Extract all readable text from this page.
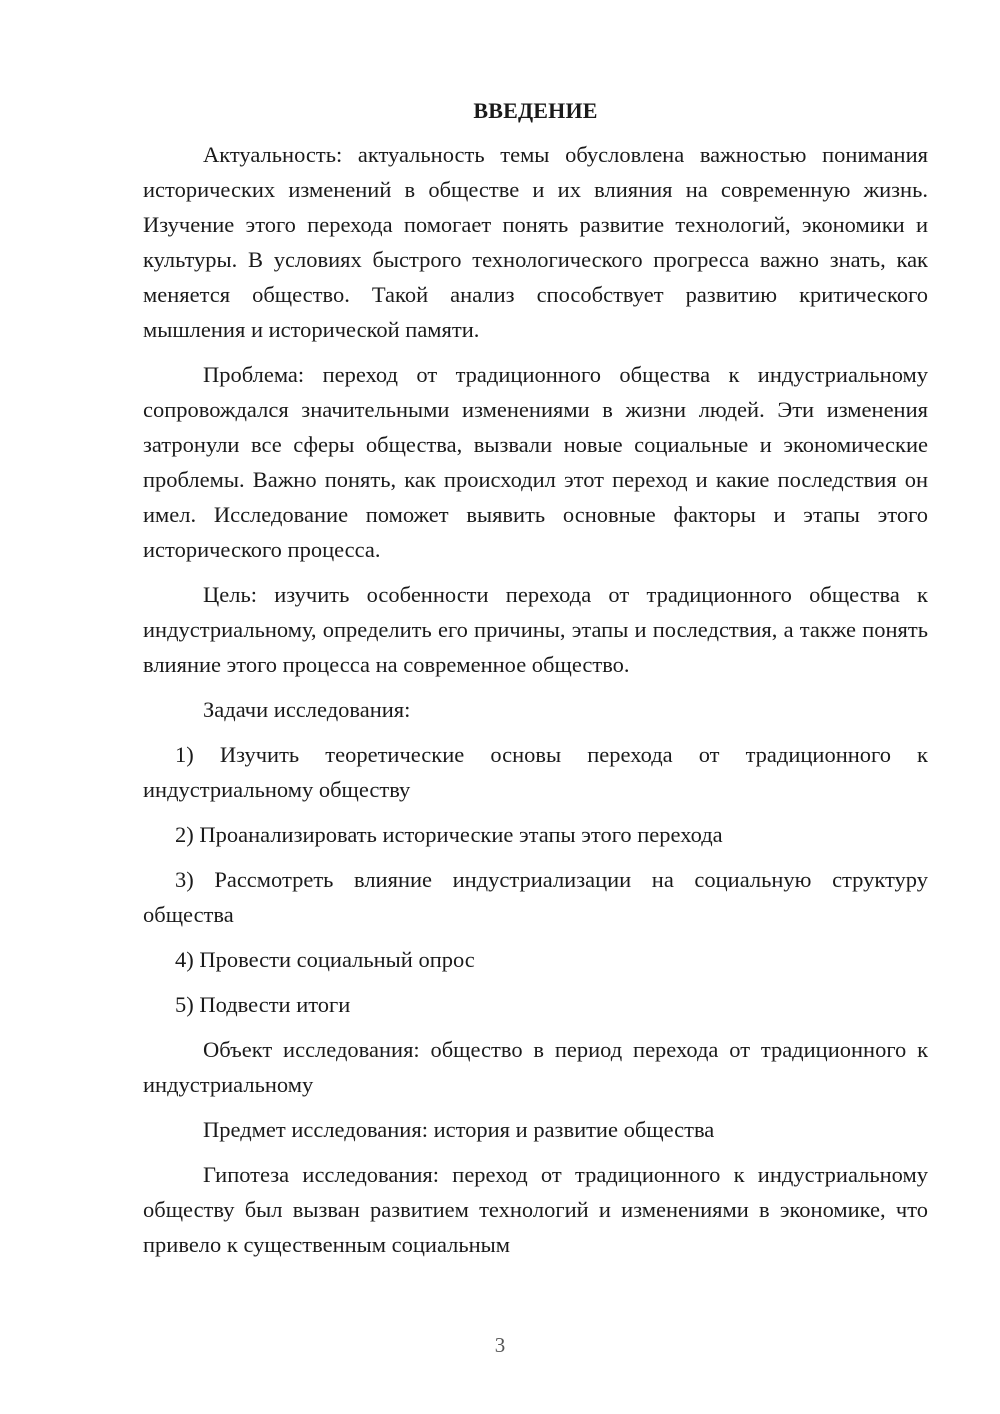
ВВЕДЕНИЕ

Актуальность: актуальность темы обусловлена важностью понимания исторических изменений в обществе и их влияния на современную жизнь. Изучение этого перехода помогает понять развитие технологий, экономики и культуры. В условиях быстрого технологического прогресса важно знать, как меняется общество. Такой анализ способствует развитию критического мышления и исторической памяти.

Проблема: переход от традиционного общества к индустриальному сопровождался значительными изменениями в жизни людей. Эти изменения затронули все сферы общества, вызвали новые социальные и экономические проблемы. Важно понять, как происходил этот переход и какие последствия он имел. Исследование поможет выявить основные факторы и этапы этого исторического процесса.

Цель: изучить особенности перехода от традиционного общества к индустриальному, определить его причины, этапы и последствия, а также понять влияние этого процесса на современное общество.

Задачи исследования:

1) Изучить теоретические основы перехода от традиционного к индустриальному обществу

2) Проанализировать исторические этапы этого перехода

3) Рассмотреть влияние индустриализации на социальную структуру общества

4) Провести социальный опрос

5) Подвести итоги

Объект исследования: общество в период перехода от традиционного к индустриальному

Предмет исследования: история и развитие общества

Гипотеза исследования: переход от традиционного к индустриальному обществу был вызван развитием технологий и изменениями в экономике, что привело к существенным социальным

3
